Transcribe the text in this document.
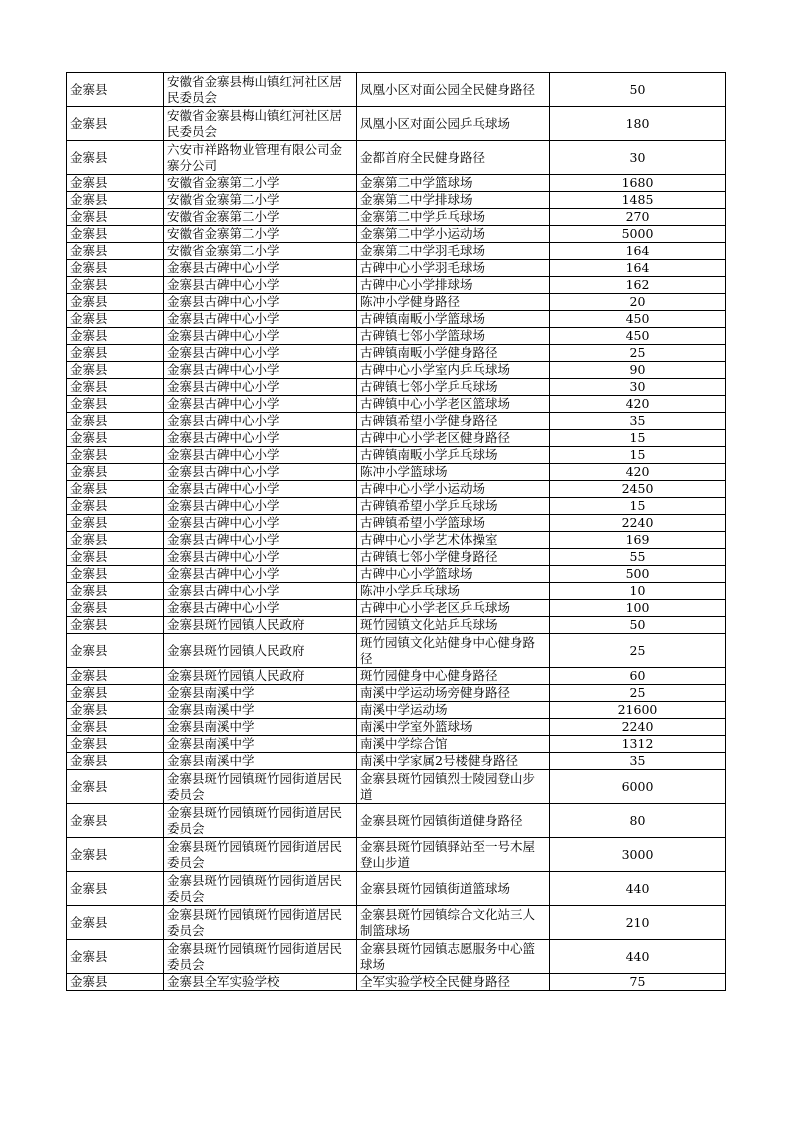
金寨县	安徽省金寨县梅山镇红河社区居民委员会	凤凰小区对面公园全民健身路径	50
金寨县	安徽省金寨县梅山镇红河社区居民委员会	凤凰小区对面公园乒乓球场	180
金寨县	六安市祥路物业管理有限公司金寨分公司	金都首府全民健身路径	30
金寨县	安徽省金寨第二小学	金寨第二中学篮球场	1680
金寨县	安徽省金寨第二小学	金寨第二中学排球场	1485
金寨县	安徽省金寨第二小学	金寨第二中学乒乓球场	270
金寨县	安徽省金寨第二小学	金寨第二中学小运动场	5000
金寨县	安徽省金寨第二小学	金寨第二中学羽毛球场	164
金寨县	金寨县古碑中心小学	古碑中心小学羽毛球场	164
金寨县	金寨县古碑中心小学	古碑中心小学排球场	162
金寨县	金寨县古碑中心小学	陈冲小学健身路径	20
金寨县	金寨县古碑中心小学	古碑镇南畈小学篮球场	450
金寨县	金寨县古碑中心小学	古碑镇七邻小学篮球场	450
金寨县	金寨县古碑中心小学	古碑镇南畈小学健身路径	25
金寨县	金寨县古碑中心小学	古碑中心小学室内乒乓球场	90
金寨县	金寨县古碑中心小学	古碑镇七邻小学乒乓球场	30
金寨县	金寨县古碑中心小学	古碑镇中心小学老区篮球场	420
金寨县	金寨县古碑中心小学	古碑镇希望小学健身路径	35
金寨县	金寨县古碑中心小学	古碑中心小学老区健身路径	15
金寨县	金寨县古碑中心小学	古碑镇南畈小学乒乓球场	15
金寨县	金寨县古碑中心小学	陈冲小学篮球场	420
金寨县	金寨县古碑中心小学	古碑中心小学小运动场	2450
金寨县	金寨县古碑中心小学	古碑镇希望小学乒乓球场	15
金寨县	金寨县古碑中心小学	古碑镇希望小学篮球场	2240
金寨县	金寨县古碑中心小学	古碑中心小学艺术体操室	169
金寨县	金寨县古碑中心小学	古碑镇七邻小学健身路径	55
金寨县	金寨县古碑中心小学	古碑中心小学篮球场	500
金寨县	金寨县古碑中心小学	陈冲小学乒乓球场	10
金寨县	金寨县古碑中心小学	古碑中心小学老区乒乓球场	100
金寨县	金寨县斑竹园镇人民政府	斑竹园镇文化站乒乓球场	50
金寨县	金寨县斑竹园镇人民政府	斑竹园镇文化站健身中心健身路径	25
金寨县	金寨县斑竹园镇人民政府	斑竹园健身中心健身路径	60
金寨县	金寨县南溪中学	南溪中学运动场旁健身路径	25
金寨县	金寨县南溪中学	南溪中学运动场	21600
金寨县	金寨县南溪中学	南溪中学室外篮球场	2240
金寨县	金寨县南溪中学	南溪中学综合馆	1312
金寨县	金寨县南溪中学	南溪中学家属2号楼健身路径	35
金寨县	金寨县斑竹园镇斑竹园街道居民委员会	金寨县斑竹园镇烈士陵园登山步道	6000
金寨县	金寨县斑竹园镇斑竹园街道居民委员会	金寨县斑竹园镇街道健身路径	80
金寨县	金寨县斑竹园镇斑竹园街道居民委员会	金寨县斑竹园镇驿站至一号木屋登山步道	3000
金寨县	金寨县斑竹园镇斑竹园街道居民委员会	金寨县斑竹园镇街道篮球场	440
金寨县	金寨县斑竹园镇斑竹园街道居民委员会	金寨县斑竹园镇综合文化站三人制篮球场	210
金寨县	金寨县斑竹园镇斑竹园街道居民委员会	金寨县斑竹园镇志愿服务中心篮球场	440
金寨县	金寨县全军实验学校	全军实验学校全民健身路径	75
